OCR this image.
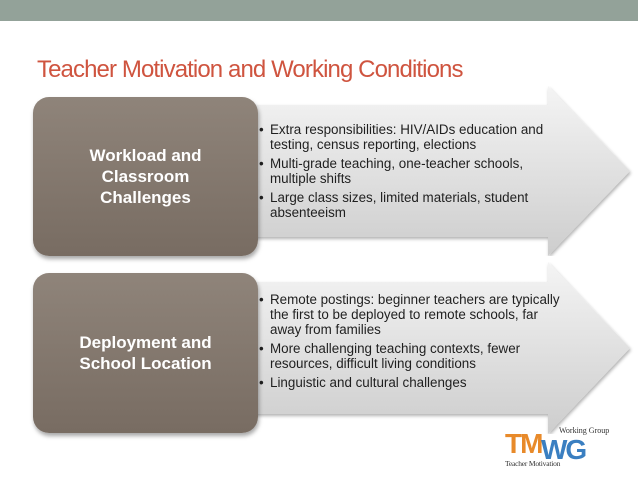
Teacher Motivation and Working Conditions
Workload and
Classroom
Challenges
• Extra responsibilities: HIV/AIDs education and testing, census reporting, elections
• Multi-grade teaching, one-teacher schools, multiple shifts
• Large class sizes, limited materials, student absenteeism
Deployment and
School Location
• Remote postings: beginner teachers are typically the first to be deployed to remote schools, far away from families
• More challenging teaching contexts, fewer resources, difficult living conditions
• Linguistic and cultural challenges
Working Group
TM WG
Teacher Motivation
